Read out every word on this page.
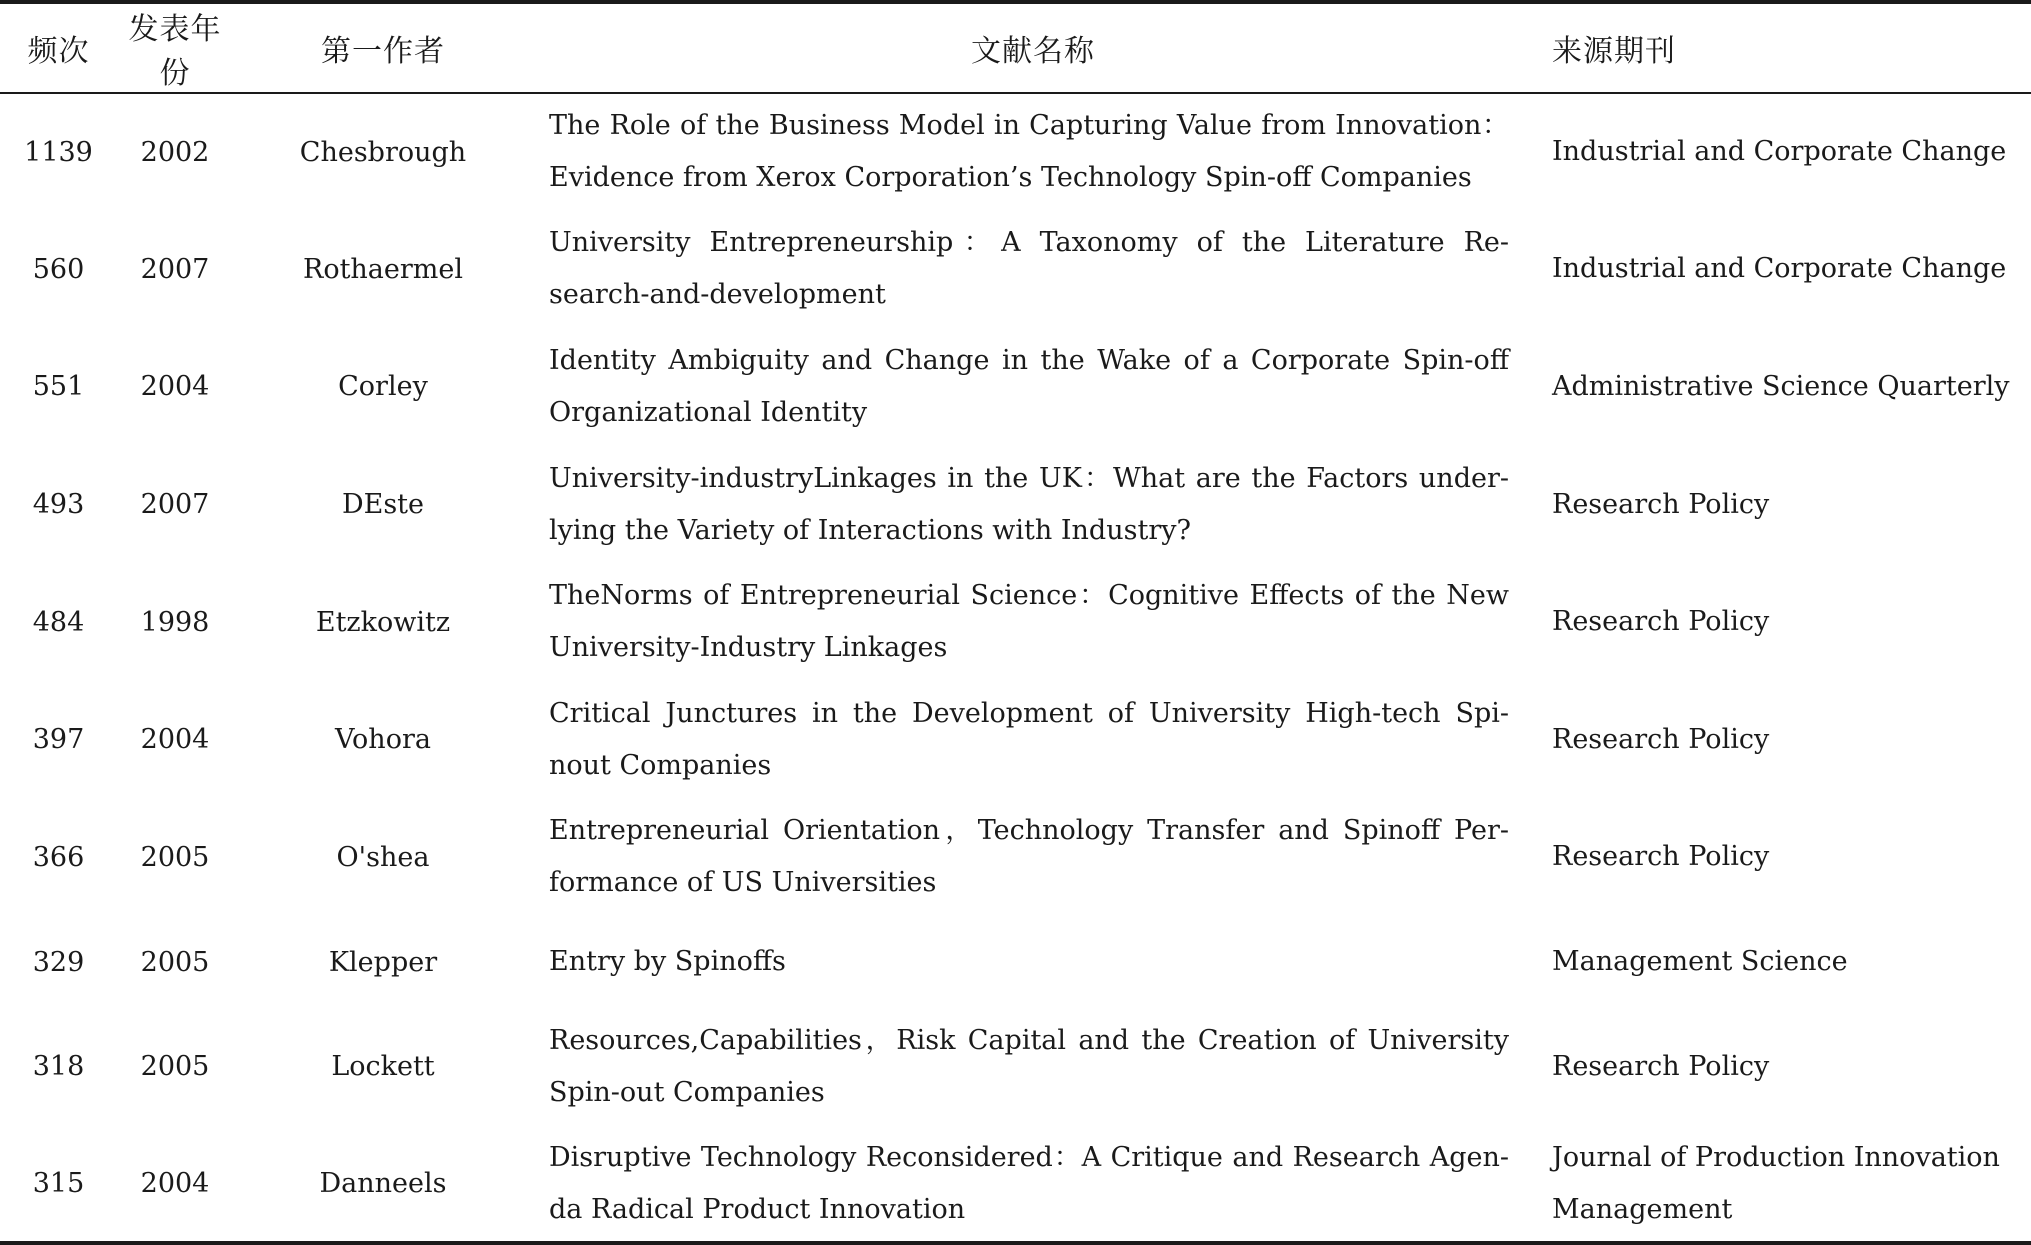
频次	发表年份	第一作者	文献名称	来源期刊
1139	2002	Chesbrough	The Role of the Business Model in Capturing Value from Innovation：Evidence from Xerox Corporation’s Technology Spin-off Companies	Industrial and Corporate Change
560	2007	Rothaermel	University Entrepreneurship：A Taxonomy of the Literature Re-search-and-development	Industrial and Corporate Change
551	2004	Corley	Identity Ambiguity and Change in the Wake of a Corporate Spin-off Organizational Identity	Administrative Science Quarterly
493	2007	DEste	University-industryLinkages in the UK：What are the Factors under-lying the Variety of Interactions with Industry?	Research Policy
484	1998	Etzkowitz	TheNorms of Entrepreneurial Science：Cognitive Effects of the New University-Industry Linkages	Research Policy
397	2004	Vohora	Critical Junctures in the Development of University High-tech Spi-nout Companies	Research Policy
366	2005	O'shea	Entrepreneurial Orientation，Technology Transfer and Spinoff Per-formance of US Universities	Research Policy
329	2005	Klepper	Entry by Spinoffs	Management Science
318	2005	Lockett	Resources,Capabilities，Risk Capital and the Creation of University Spin-out Companies	Research Policy
315	2004	Danneels	Disruptive Technology Reconsidered：A Critique and Research Agen-da Radical Product Innovation	Journal of Production Innovation Management
